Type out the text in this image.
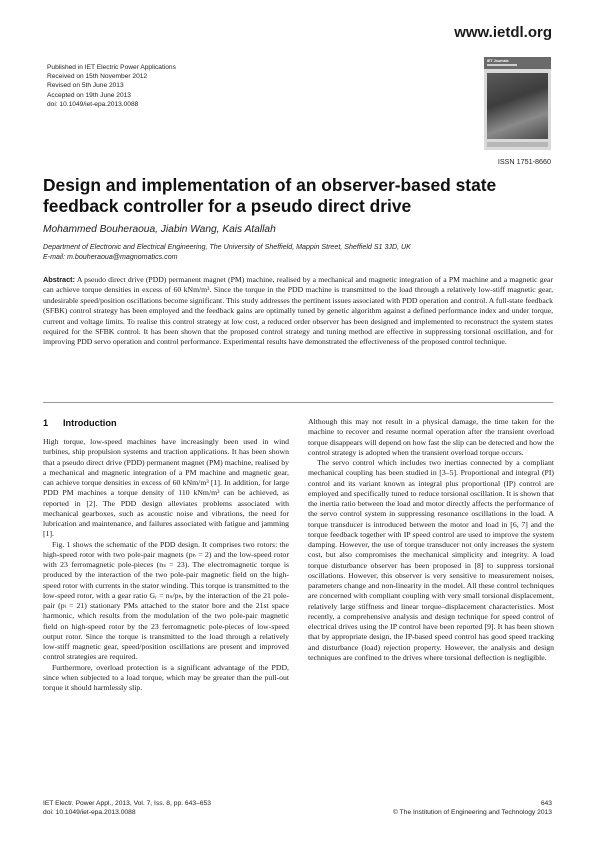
www.ietdl.org
Published in IET Electric Power Applications
Received on 15th November 2012
Revised on 5th June 2013
Accepted on 19th June 2013
doi: 10.1049/iet-epa.2013.0088
IET Journals
ISSN 1751-8660
Design and implementation of an observer-based state feedback controller for a pseudo direct drive
Mohammed Bouheraoua, Jiabin Wang, Kais Atallah
Department of Electronic and Electrical Engineering, The University of Sheffield, Mappin Street, Sheffield S1 3JD, UK
E-mail: m.bouheraoua@magnomatics.com

Abstract: A pseudo direct drive (PDD) permanent magnet (PM) machine, realised by a mechanical and magnetic integration of a PM machine and a magnetic gear can achieve torque densities in excess of 60 kNm/m³. Since the torque in the PDD machine is transmitted to the load through a relatively low-stiff magnetic gear, undesirable speed/position oscillations become significant. This study addresses the pertinent issues associated with PDD operation and control. A full-state feedback (SFBK) control strategy has been employed and the feedback gains are optimally tuned by genetic algorithm against a defined performance index and under torque, current and voltage limits. To realise this control strategy at low cost, a reduced order observer has been designed and implemented to reconstruct the system states required for the SFBK control. It has been shown that the proposed control strategy and tuning method are effective in suppressing torsional oscillation, and for improving PDD servo operation and control performance. Experimental results have demonstrated the effectiveness of the proposed control technique.

1 Introduction

High torque, low-speed machines have increasingly been used in wind turbines, ship propulsion systems and traction applications. It has been shown that a pseudo direct drive (PDD) permanent magnet (PM) machine, realised by a mechanical and magnetic integration of a PM machine and magnetic gear, can achieve torque densities in excess of 60 kNm/m³ [1]. In addition, for large PDD PM machines a torque density of 110 kNm/m³ can be achieved, as reported in [2]. The PDD design alleviates problems associated with mechanical gearboxes, such as acoustic noise and vibrations, the need for lubrication and maintenance, and failures associated with fatigue and jamming [1].

Fig. 1 shows the schematic of the PDD design. It comprises two rotors: the high-speed rotor with two pole-pair magnets (pₕ = 2) and the low-speed rotor with 23 ferromagnetic pole-pieces (nₛ = 23). The electromagnetic torque is produced by the interaction of the two pole-pair magnetic field on the high-speed rotor with currents in the stator winding. This torque is transmitted to the low-speed rotor, with a gear ratio Gᵣ = nₛ/pₕ, by the interaction of the 21 pole-pair (pₗ = 21) stationary PMs attached to the stator bore and the 21st space harmonic, which results from the modulation of the two pole-pair magnetic field on high-speed rotor by the 23 ferromagnetic pole-pieces of low-speed output rotor. Since the torque is transmitted to the load through a relatively low-stiff magnetic gear, speed/position oscillations are present and improved control strategies are required.

Furthermore, overload protection is a significant advantage of the PDD, since when subjected to a load torque, which may be greater than the pull-out torque it should harmlessly slip.

Although this may not result in a physical damage, the time taken for the machine to recover and resume normal operation after the transient overload torque disappears will depend on how fast the slip can be detected and how the control strategy is adopted when the transient overload torque occurs.

The servo control which includes two inertias connected by a compliant mechanical coupling has been studied in [3–5]. Proportional and integral (PI) control and its variant known as integral plus proportional (IP) control are employed and specifically tuned to reduce torsional oscillation. It is shown that the inertia ratio between the load and motor directly affects the performance of the servo control system in suppressing resonance oscillations in the load. A torque transducer is introduced between the motor and load in [6, 7] and the torque feedback together with IP speed control are used to improve the system damping. However, the use of torque transducer not only increases the system cost, but also compromises the mechanical simplicity and integrity. A load torque disturbance observer has been proposed in [8] to suppress torsional oscillations. However, this observer is very sensitive to measurement noises, parameters change and non-linearity in the model. All these control techniques are concerned with compliant coupling with very small torsional displacement, relatively large stiffness and linear torque–displacement characteristics. Most recently, a comprehensive analysis and design technique for speed control of electrical drives using the IP control have been reported [9]. It has been shown that by appropriate design, the IP-based speed control has good speed tracking and disturbance (load) rejection property. However, the analysis and design techniques are confined to the drives where torsional deflection is negligible.

IET Electr. Power Appl., 2013, Vol. 7, Iss. 8, pp. 643–653
doi: 10.1049/iet-epa.2013.0088
643
© The Institution of Engineering and Technology 2013
